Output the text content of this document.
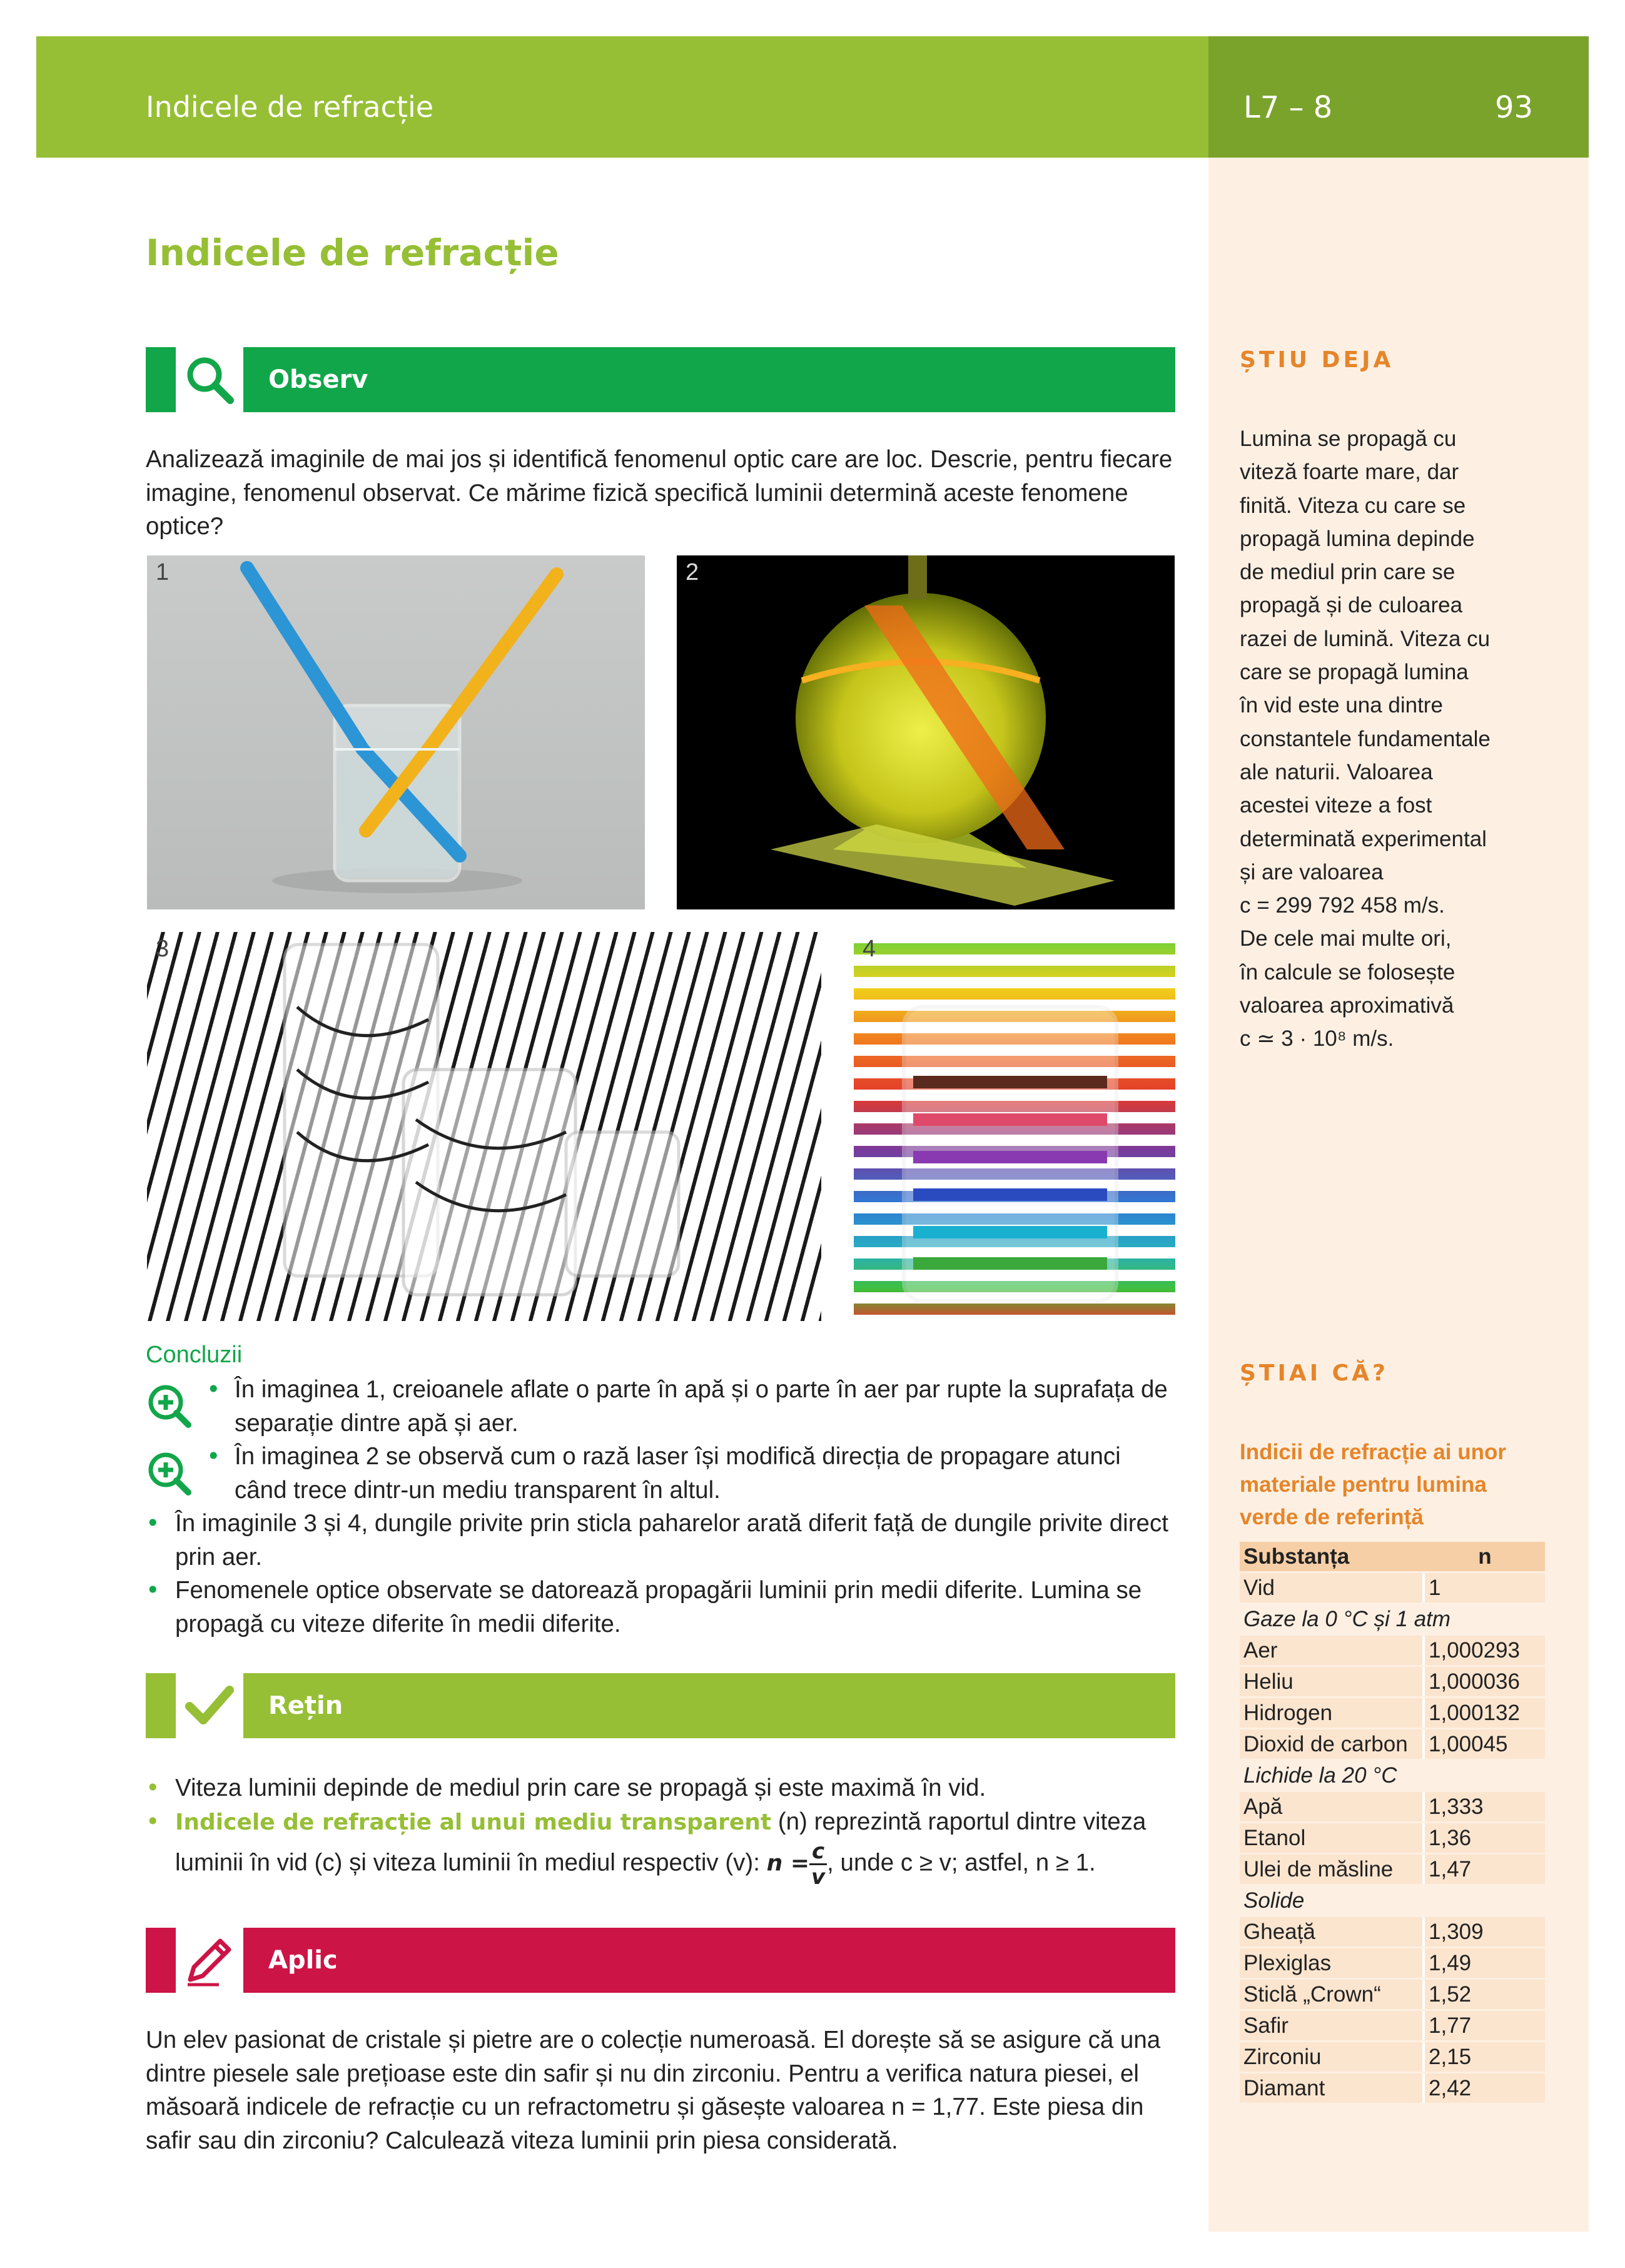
Indicele de refracție	L7 – 8	93
ȘTIU DEJA
Lumina se propagă cu
viteză foarte mare, dar
finită. Viteza cu care se
propagă lumina depinde
de mediul prin care se
propagă și de culoarea
razei de lumină. Viteza cu
care se propagă lumina
în vid este una dintre
constantele fundamentale
ale naturii. Valoarea
acestei viteze a fost
determinată experimental
și are valoarea
c = 299 792 458 m/s.
De cele mai multe ori,
în calcule se folosește
valoarea aproximativă
c ≃ 3 · 10⁸ m/s.
ȘTIAI CĂ?
Indicii de refracție ai unor
materiale pentru lumina
verde de referință
Substanța	n
Vid	1
Gaze la 0 °C și 1 atm	
Aer	1,000293
Heliu	1,000036
Hidrogen	1,000132
Dioxid de carbon	1,00045
Lichide la 20 °C	
Apă	1,333
Etanol	1,36
Ulei de măsline	1,47
Solide	
Gheață	1,309
Plexiglas	1,49
Sticlă „Crown“	1,52
Safir	1,77
Zirconiu	2,15
Diamant	2,42
Indicele de refracție
Observ
Analizează imaginile de mai jos și identifică fenomenul optic care are loc. Descrie, pentru fiecare imagine, fenomenul observat. Ce mărime fizică specifică luminii determină aceste fenomene optice?
1	2
3	4
Concluzii
• În imaginea 1, creioanele aflate o parte în apă și o parte în aer par rupte la suprafața de separație dintre apă și aer.
• În imaginea 2 se observă cum o rază laser își modifică direcția de propagare atunci când trece dintr-un mediu transparent în altul.
• În imaginile 3 și 4, dungile privite prin sticla paharelor arată diferit față de dungile privite direct prin aer.
• Fenomenele optice observate se datorează propagării luminii prin medii diferite. Lumina se propagă cu viteze diferite în medii diferite.
Rețin
• Viteza luminii depinde de mediul prin care se propagă și este maximă în vid.
• Indicele de refracție al unui mediu transparent (n) reprezintă raportul dintre viteza luminii în vid (c) și viteza luminii în mediul respectiv (v): $n = \frac{c}{v}$ , unde c ≥ v; astfel, n ≥ 1.
Aplic
Un elev pasionat de cristale și pietre are o colecție numeroasă. El dorește să se asigure că una dintre piesele sale prețioase este din safir și nu din zirconiu. Pentru a verifica natura piesei, el măsoară indicele de refracție cu un refractometru și găsește valoarea n = 1,77. Este piesa din safir sau din zirconiu? Calculează viteza luminii prin piesa considerată.
